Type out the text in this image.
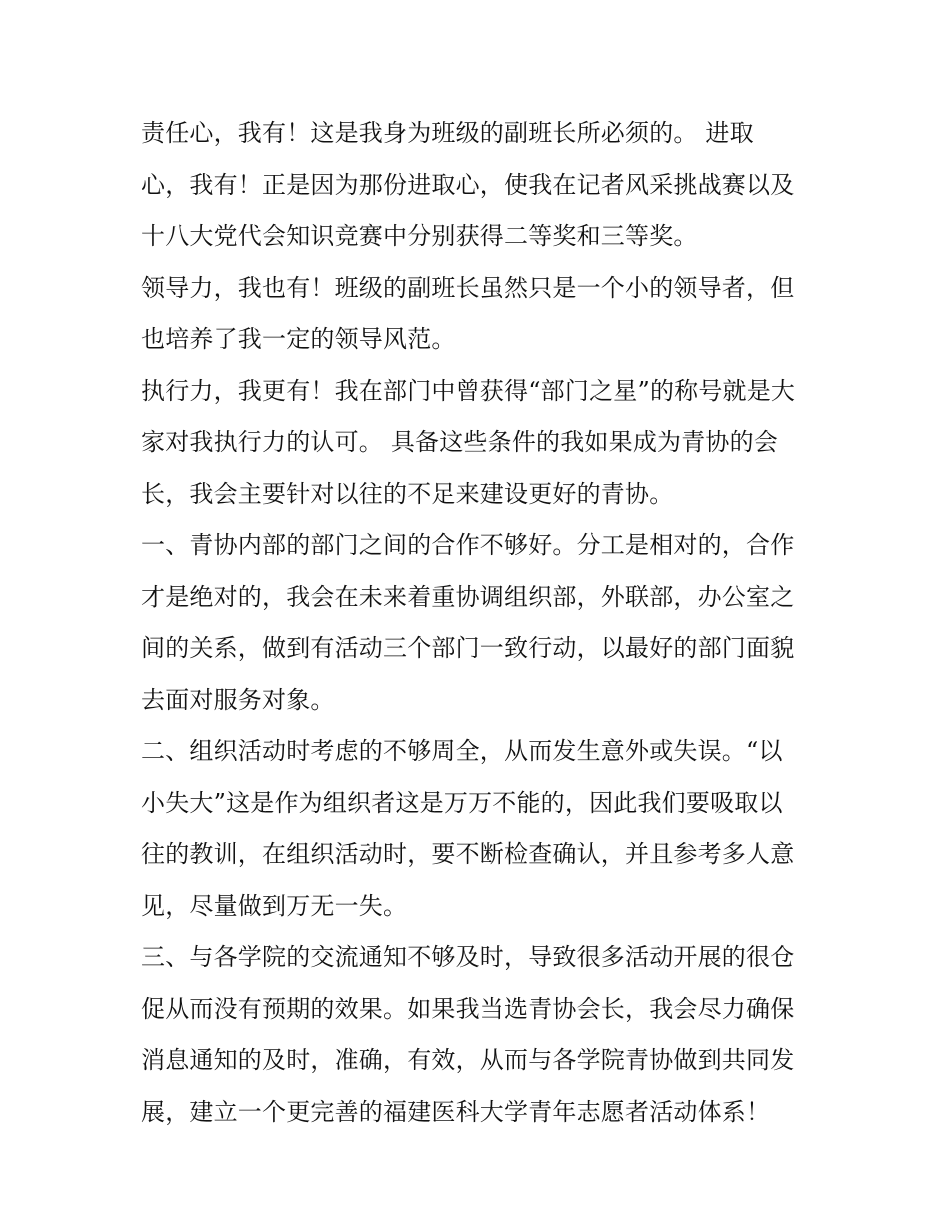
责任心，我有！这是我身为班级的副班长所必须的。 进取
心，我有！正是因为那份进取心，使我在记者风采挑战赛以及
十八大党代会知识竞赛中分别获得二等奖和三等奖。
领导力，我也有！班级的副班长虽然只是一个小的领导者，但
也培养了我一定的领导风范。
执行力，我更有！我在部门中曾获得“部门之星”的称号就是大
家对我执行力的认可。 具备这些条件的我如果成为青协的会
长，我会主要针对以往的不足来建设更好的青协。
一、青协内部的部门之间的合作不够好。分工是相对的，合作
才是绝对的，我会在未来着重协调组织部，外联部，办公室之
间的关系，做到有活动三个部门一致行动，以最好的部门面貌
去面对服务对象。
二、组织活动时考虑的不够周全，从而发生意外或失误。“以
小失大”这是作为组织者这是万万不能的，因此我们要吸取以
往的教训，在组织活动时，要不断检查确认，并且参考多人意
见，尽量做到万无一失。
三、与各学院的交流通知不够及时，导致很多活动开展的很仓
促从而没有预期的效果。如果我当选青协会长，我会尽力确保
消息通知的及时，准确，有效，从而与各学院青协做到共同发
展，建立一个更完善的福建医科大学青年志愿者活动体系！
